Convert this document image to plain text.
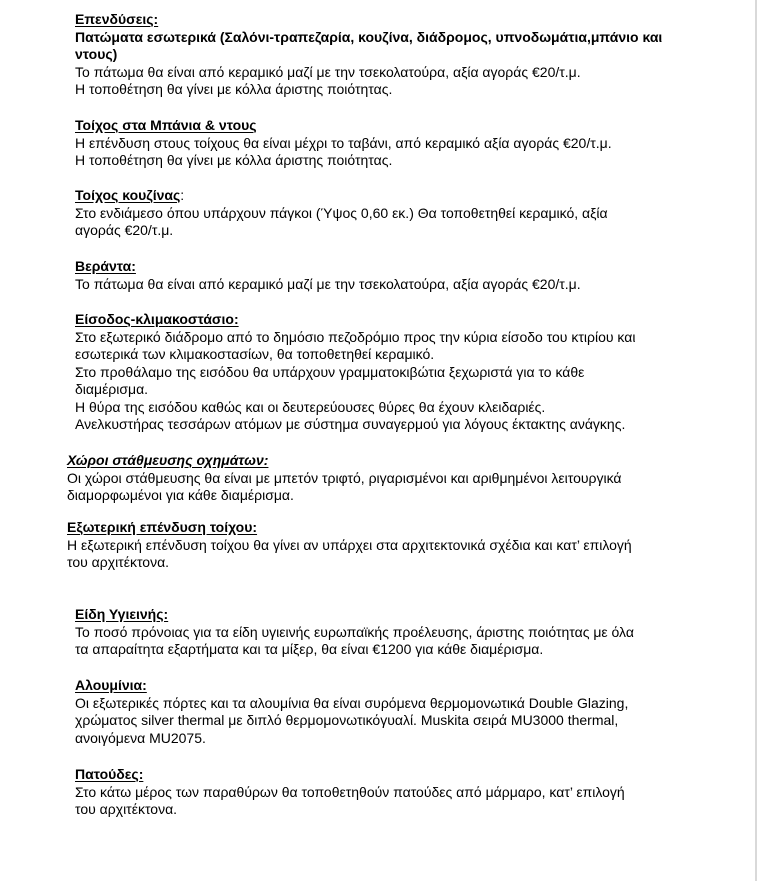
Επενδύσεις:
Πατώματα εσωτερικά (Σαλόνι-τραπεζαρία, κουζίνα, διάδρομος, υπνοδωμάτια,μπάνιο και ντους)
Το πάτωμα θα είναι από κεραμικό μαζί με την τσεκολατούρα, αξία αγοράς €20/τ.μ.
Η τοποθέτηση θα γίνει με κόλλα άριστης ποιότητας.
Τοίχος στα Μπάνια & ντους
Η επένδυση στους τοίχους θα είναι μέχρι το ταβάνι, από κεραμικό αξία αγοράς €20/τ.μ.
Η τοποθέτηση θα γίνει με κόλλα άριστης ποιότητας.
Τοίχος κουζίνας:
Στο ενδιάμεσο όπου υπάρχουν πάγκοι (Ύψος 0,60 εκ.) Θα τοποθετηθεί κεραμικό, αξία
αγοράς €20/τ.μ.
Βεράντα:
Το πάτωμα θα είναι από κεραμικό μαζί με την τσεκολατούρα, αξία αγοράς €20/τ.μ.
Είσοδος-κλιμακοστάσιο:
Στο εξωτερικό διάδρομο από το δημόσιο πεζοδρόμιο προς την κύρια είσοδο του κτιρίου και
εσωτερικά των κλιμακοστασίων, θα τοποθετηθεί κεραμικό.
Στο προθάλαμο της εισόδου θα υπάρχουν γραμματοκιβώτια ξεχωριστά για το κάθε
διαμέρισμα.
Η θύρα της εισόδου καθώς και οι δευτερεύουσες θύρες θα έχουν κλειδαριές.
Ανελκυστήρας τεσσάρων ατόμων με σύστημα συναγερμού για λόγους έκτακτης ανάγκης.
Χώροι στάθμευσης οχημάτων:
Οι χώροι στάθμευσης θα είναι με μπετόν τριφτό, ριγαρισμένοι και αριθμημένοι λειτουργικά
διαμορφωμένοι για κάθε διαμέρισμα.
Εξωτερική επένδυση τοίχου:
Η εξωτερική επένδυση τοίχου θα γίνει αν υπάρχει στα αρχιτεκτονικά σχέδια και κατ’ επιλογή
του αρχιτέκτονα.
Είδη Υγιεινής:
Το ποσό πρόνοιας για τα είδη υγιεινής ευρωπαϊκής προέλευσης, άριστης ποιότητας με όλα
τα απαραίτητα εξαρτήματα και τα μίξερ, θα είναι €1200 για κάθε διαμέρισμα.
Αλουμίνια:
Οι εξωτερικές πόρτες και τα αλουμίνια θα είναι συρόμενα θερμομονωτικά Double Glazing,
χρώματος silver thermal με διπλό θερμομονωτικόγυαλί. Muskita σειρά MU3000 thermal,
ανοιγόμενα MU2075.
Πατούδες:
Στο κάτω μέρος των παραθύρων θα τοποθετηθούν πατούδες από μάρμαρο, κατ’ επιλογή
του αρχιτέκτονα.
